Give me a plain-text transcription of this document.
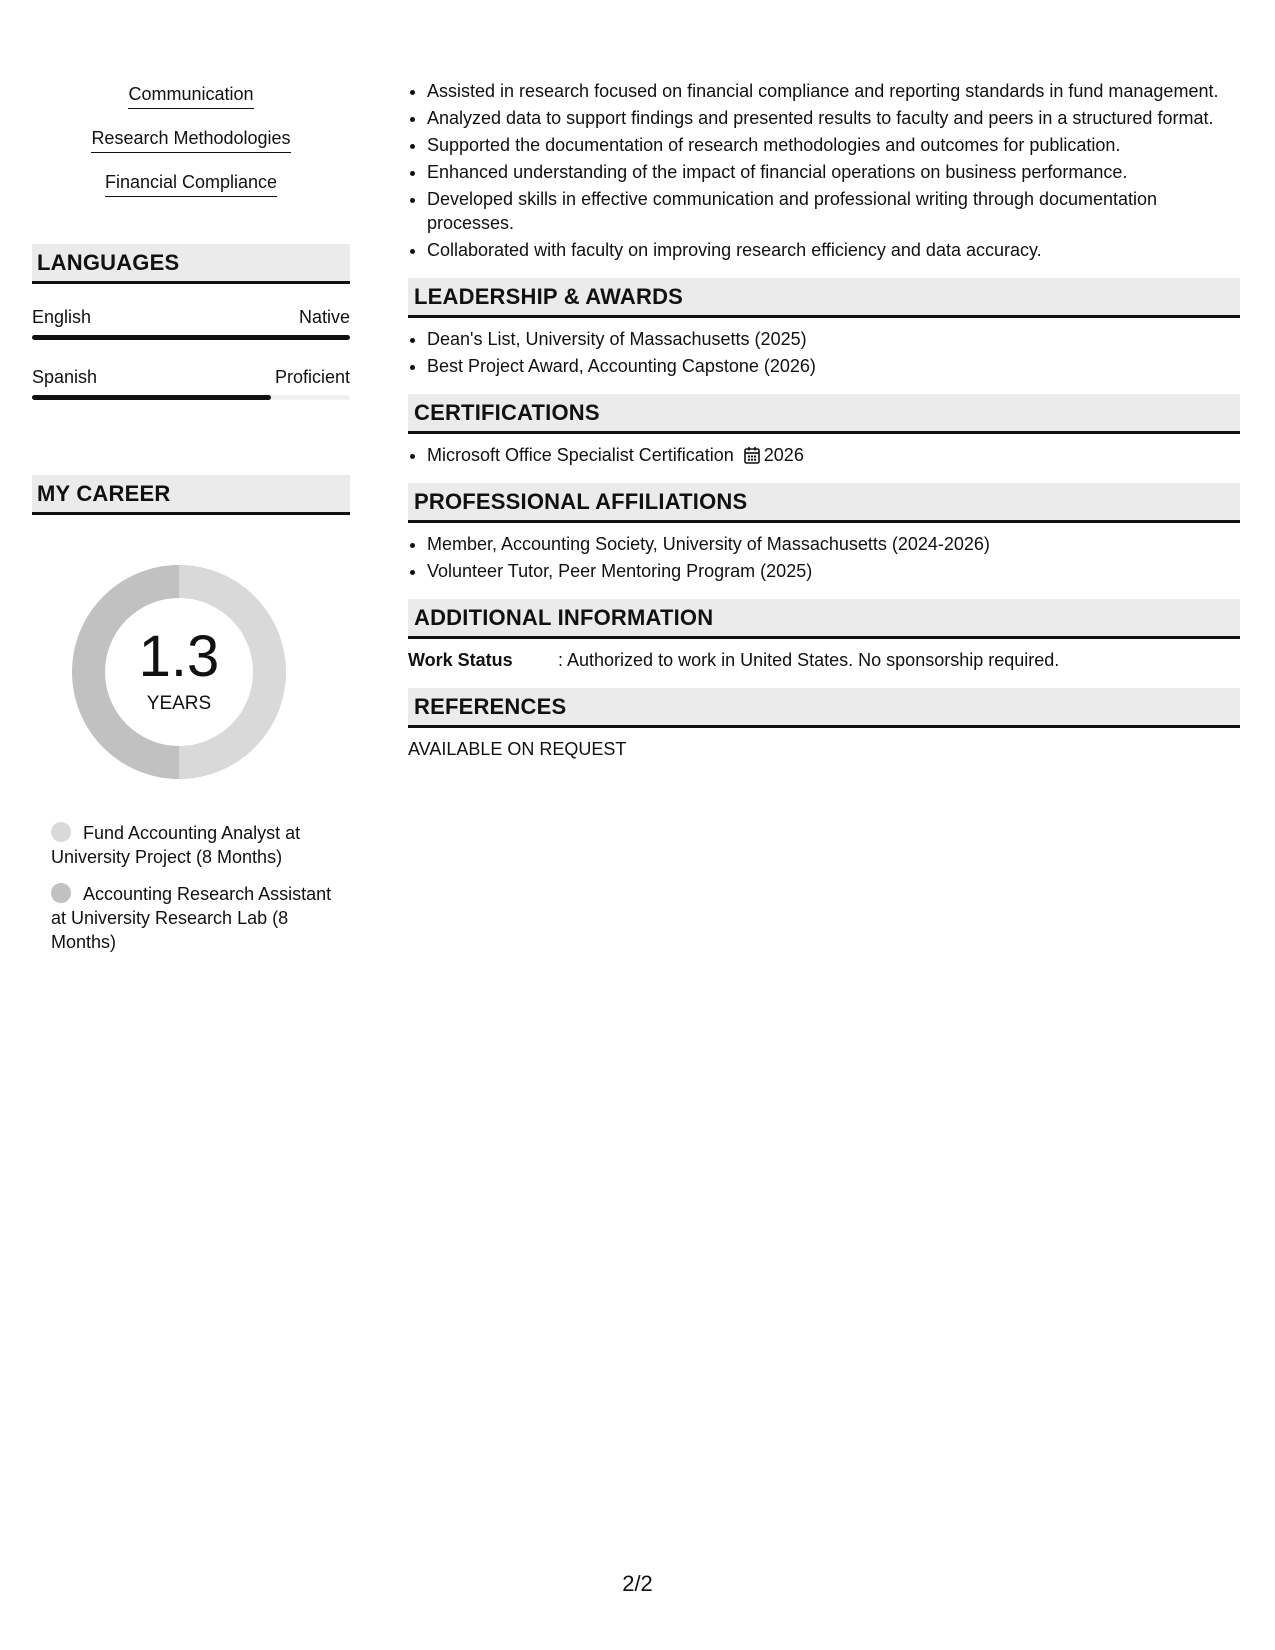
Communication
Research Methodologies
Financial Compliance
LANGUAGES
English	Native
Spanish	Proficient
MY CAREER
1.3
YEARS
Fund Accounting Analyst at University Project (8 Months)
Accounting Research Assistant at University Research Lab (8 Months)
• Assisted in research focused on financial compliance and reporting standards in fund management.
• Analyzed data to support findings and presented results to faculty and peers in a structured format.
• Supported the documentation of research methodologies and outcomes for publication.
• Enhanced understanding of the impact of financial operations on business performance.
• Developed skills in effective communication and professional writing through documentation processes.
• Collaborated with faculty on improving research efficiency and data accuracy.
LEADERSHIP & AWARDS
• Dean's List, University of Massachusetts (2025)
• Best Project Award, Accounting Capstone (2026)
CERTIFICATIONS
• Microsoft Office Specialist Certification 2026
PROFESSIONAL AFFILIATIONS
• Member, Accounting Society, University of Massachusetts (2024-2026)
• Volunteer Tutor, Peer Mentoring Program (2025)
ADDITIONAL INFORMATION
Work Status	: Authorized to work in United States. No sponsorship required.
REFERENCES
AVAILABLE ON REQUEST
2/2
